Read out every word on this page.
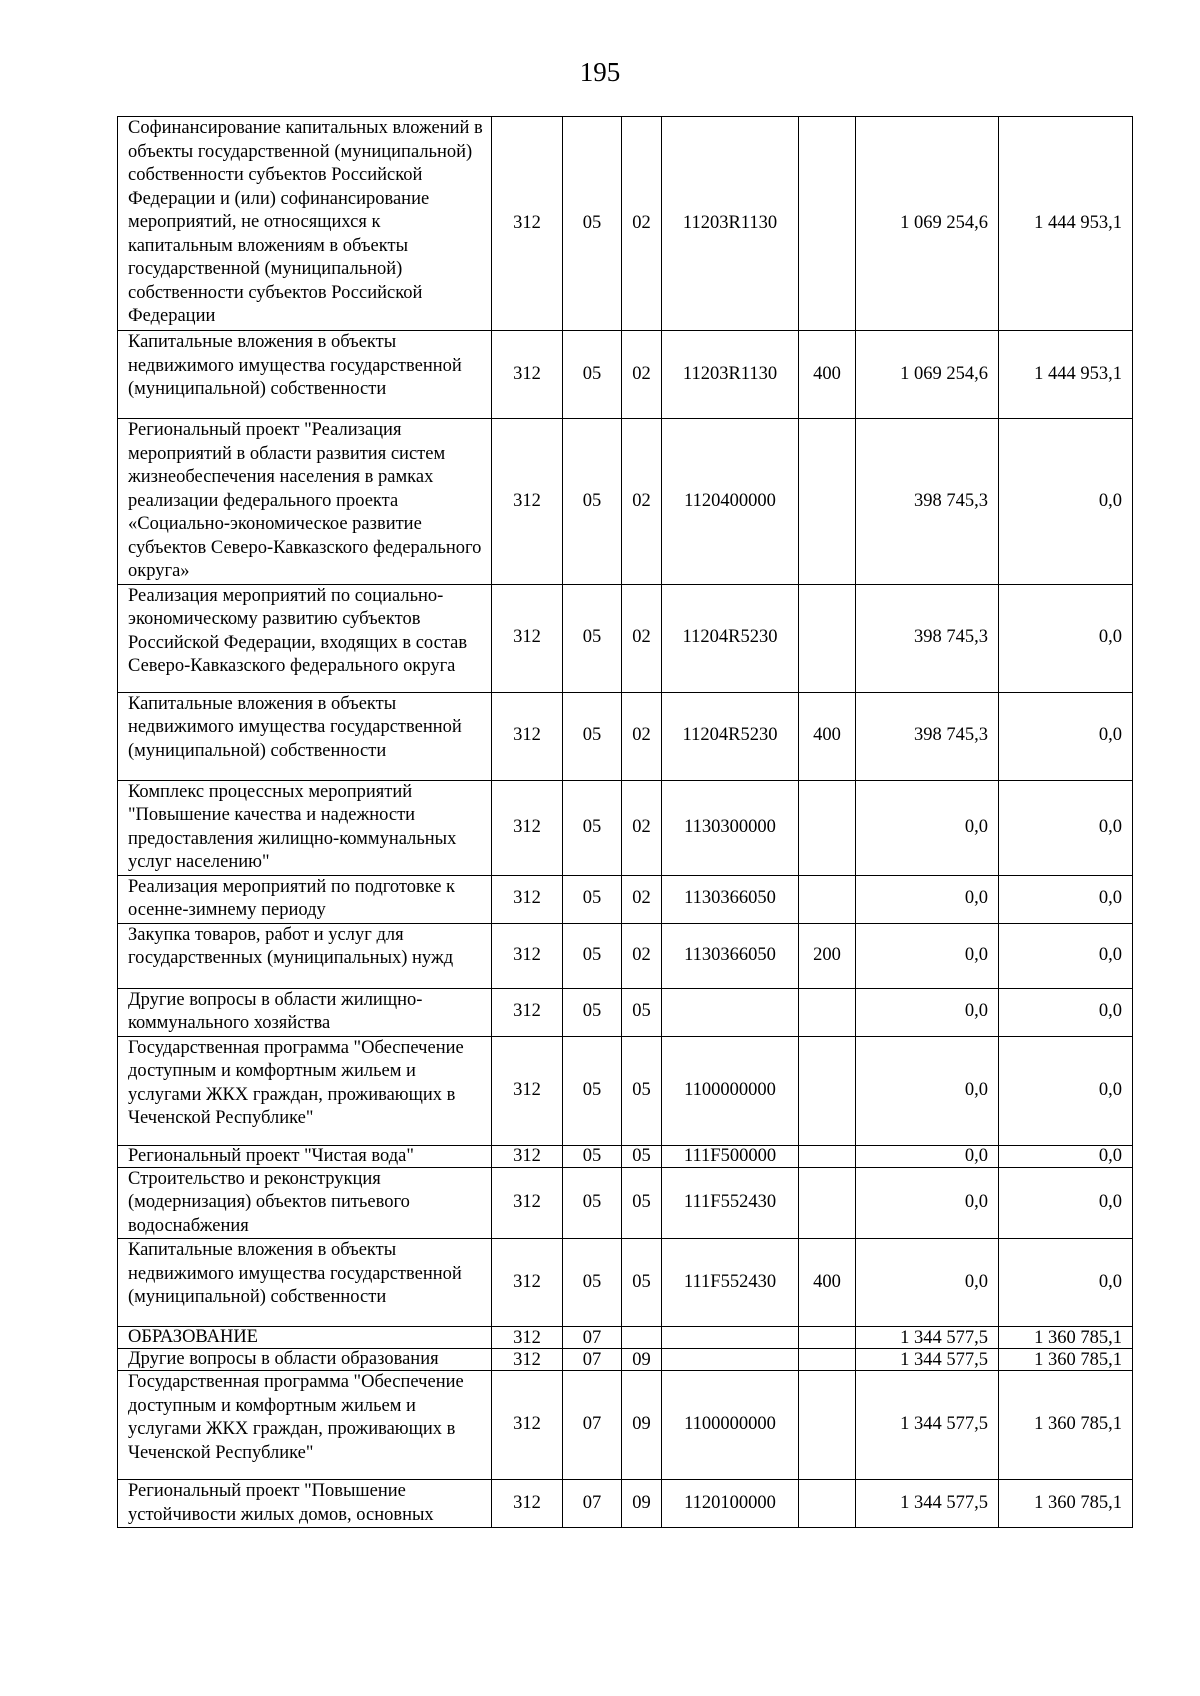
195
Софинансирование капитальных вложений в объекты государственной (муниципальной) собственности субъектов Российской Федерации и (или) софинансирование мероприятий, не относящихся к капитальным вложениям в объекты государственной (муниципальной) собственности субъектов Российской Федерации	312	05	02	11203R1130		1 069 254,6	1 444 953,1
Капитальные вложения в объекты недвижимого имущества государственной (муниципальной) собственности	312	05	02	11203R1130	400	1 069 254,6	1 444 953,1
Региональный проект "Реализация мероприятий в области развития систем жизнеобеспечения населения в рамках реализации федерального проекта «Социально-экономическое развитие субъектов Северо-Кавказского федерального округа»	312	05	02	1120400000		398 745,3	0,0
Реализация мероприятий по социально-экономическому развитию субъектов Российской Федерации, входящих в состав Северо-Кавказского федерального округа	312	05	02	11204R5230		398 745,3	0,0
Капитальные вложения в объекты недвижимого имущества государственной (муниципальной) собственности	312	05	02	11204R5230	400	398 745,3	0,0
Комплекс процессных мероприятий "Повышение качества и надежности предоставления жилищно-коммунальных услуг населению"	312	05	02	1130300000		0,0	0,0
Реализация мероприятий по подготовке к осенне-зимнему периоду	312	05	02	1130366050		0,0	0,0
Закупка товаров, работ и услуг для государственных (муниципальных) нужд	312	05	02	1130366050	200	0,0	0,0
Другие вопросы в области жилищно-коммунального хозяйства	312	05	05			0,0	0,0
Государственная программа "Обеспечение доступным и комфортным жильем и услугами ЖКХ граждан, проживающих в Чеченской Республике"	312	05	05	1100000000		0,0	0,0
Региональный проект "Чистая вода"	312	05	05	111F500000		0,0	0,0
Строительство и реконструкция (модернизация) объектов питьевого водоснабжения	312	05	05	111F552430		0,0	0,0
Капитальные вложения в объекты недвижимого имущества государственной (муниципальной) собственности	312	05	05	111F552430	400	0,0	0,0
ОБРАЗОВАНИЕ	312	07				1 344 577,5	1 360 785,1
Другие вопросы в области образования	312	07	09			1 344 577,5	1 360 785,1
Государственная программа "Обеспечение доступным и комфортным жильем и услугами ЖКХ граждан, проживающих в Чеченской Республике"	312	07	09	1100000000		1 344 577,5	1 360 785,1
Региональный проект "Повышение устойчивости жилых домов, основных	312	07	09	1120100000		1 344 577,5	1 360 785,1
